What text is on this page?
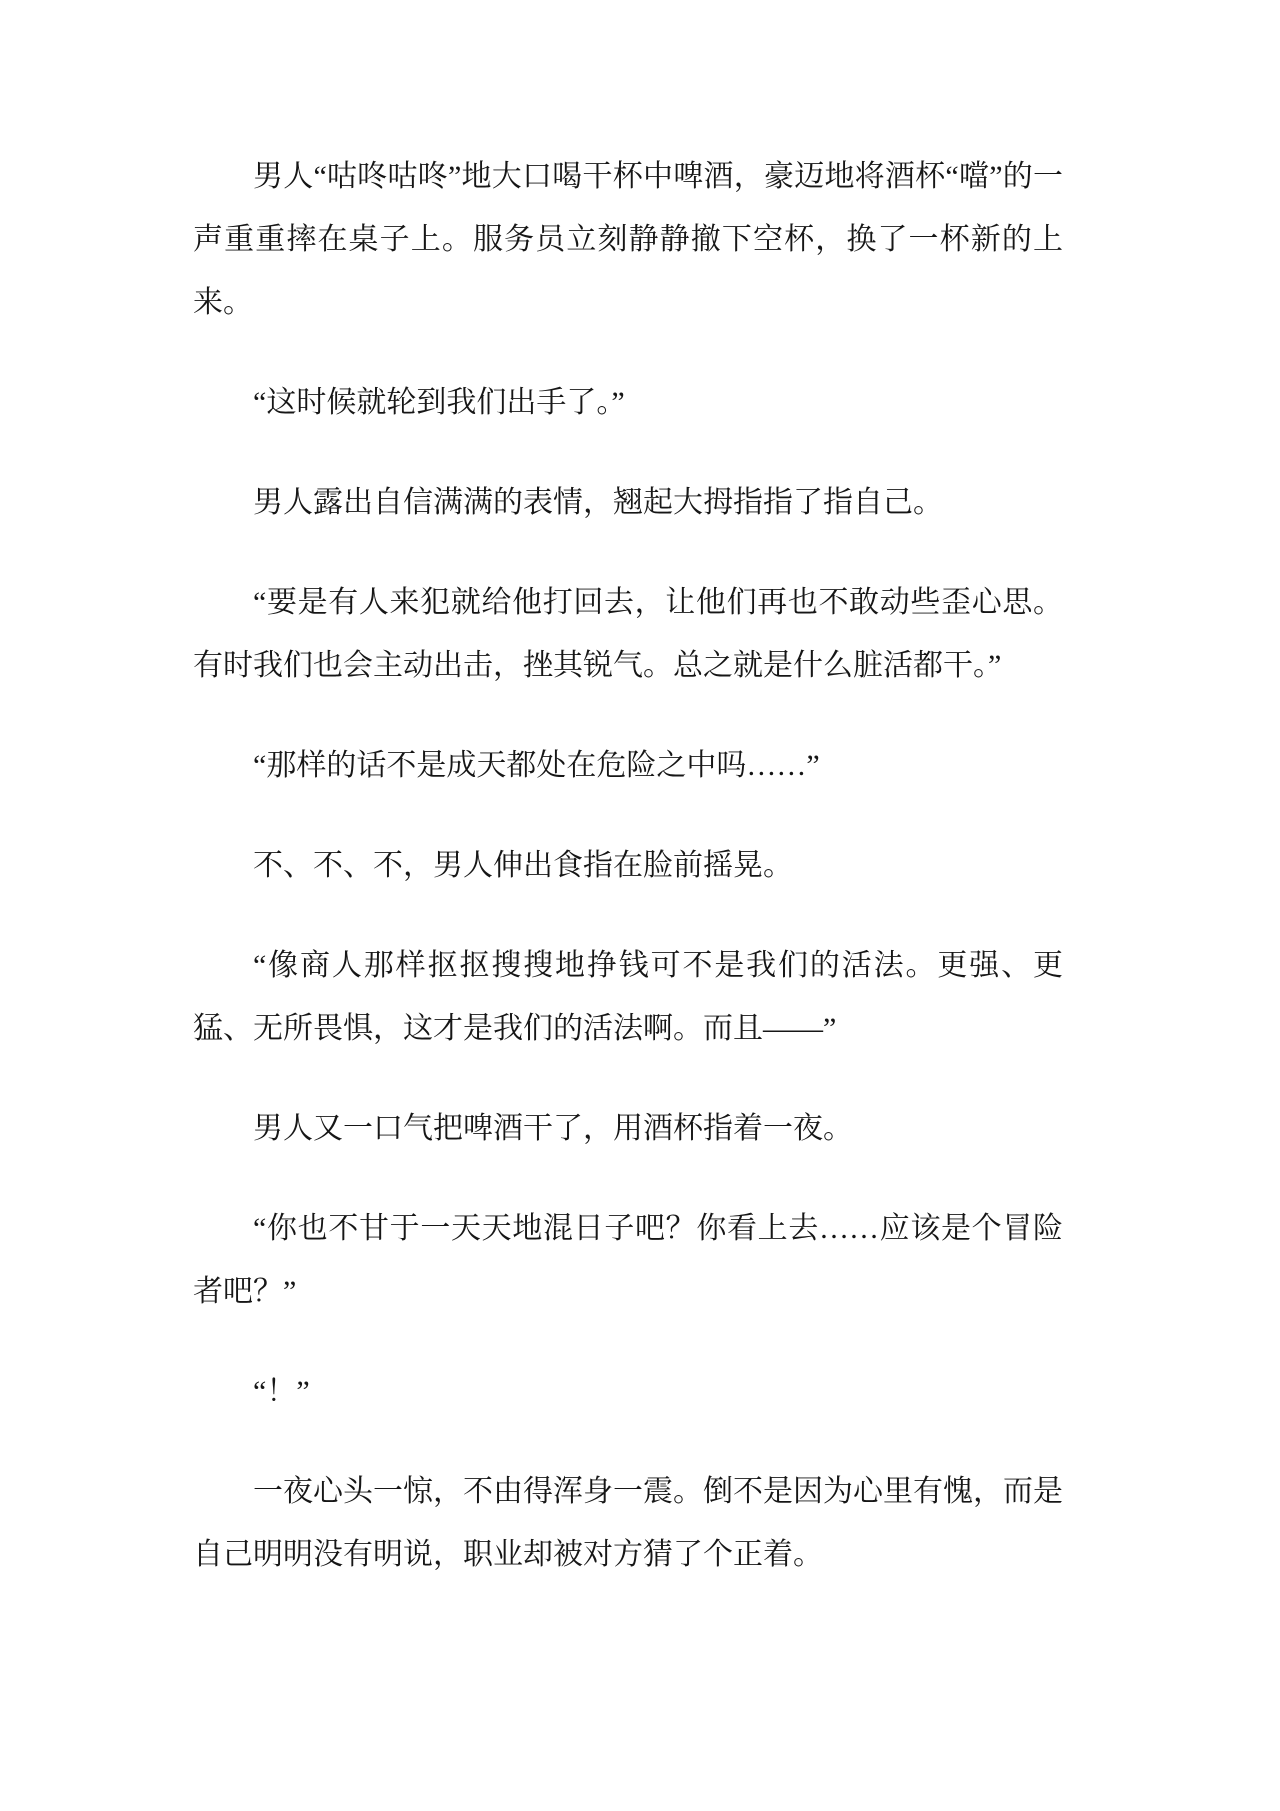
男人“咕咚咕咚”地大口喝干杯中啤酒，豪迈地将酒杯“噹”的一声重重摔在桌子上。服务员立刻静静撤下空杯，换了一杯新的上来。

“这时候就轮到我们出手了。”

男人露出自信满满的表情，翘起大拇指指了指自己。

“要是有人来犯就给他打回去，让他们再也不敢动些歪心思。有时我们也会主动出击，挫其锐气。总之就是什么脏活都干。”

“那样的话不是成天都处在危险之中吗……”

不、不、不，男人伸出食指在脸前摇晃。

“像商人那样抠抠搜搜地挣钱可不是我们的活法。更强、更猛、无所畏惧，这才是我们的活法啊。而且——”

男人又一口气把啤酒干了，用酒杯指着一夜。

“你也不甘于一天天地混日子吧？你看上去……应该是个冒险者吧？”

“！”

一夜心头一惊，不由得浑身一震。倒不是因为心里有愧，而是自己明明没有明说，职业却被对方猜了个正着。
